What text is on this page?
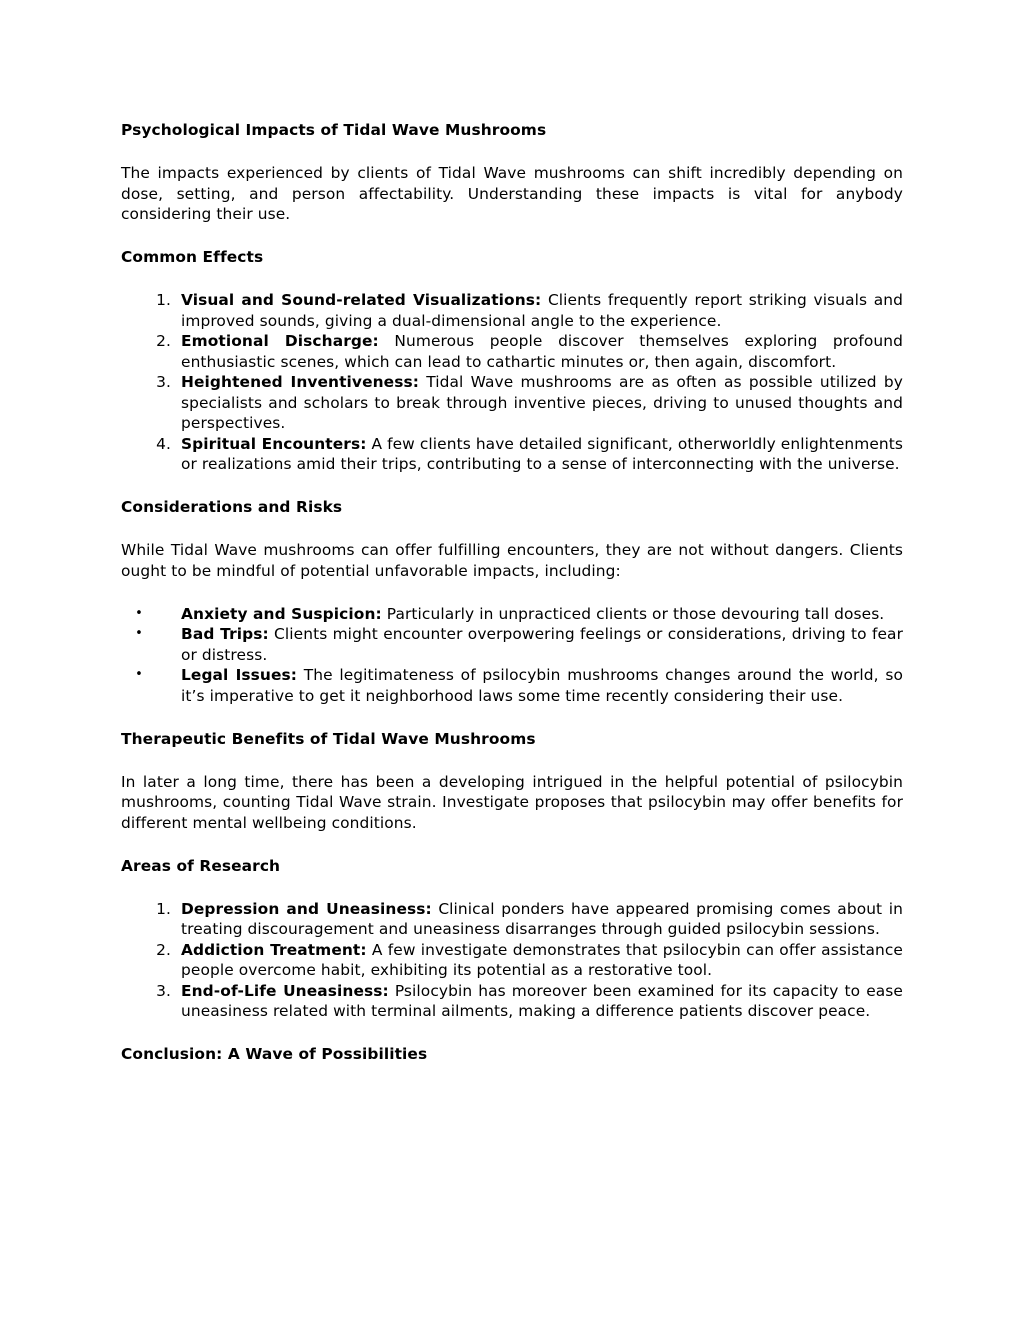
Psychological Impacts of Tidal Wave Mushrooms

The impacts experienced by clients of Tidal Wave mushrooms can shift incredibly depending on dose, setting, and person affectability. Understanding these impacts is vital for anybody considering their use.

Common Effects

1. Visual and Sound-related Visualizations: Clients frequently report striking visuals and improved sounds, giving a dual-dimensional angle to the experience.
2. Emotional Discharge: Numerous people discover themselves exploring profound enthusiastic scenes, which can lead to cathartic minutes or, then again, discomfort.
3. Heightened Inventiveness: Tidal Wave mushrooms are as often as possible utilized by specialists and scholars to break through inventive pieces, driving to unused thoughts and perspectives.
4. Spiritual Encounters: A few clients have detailed significant, otherworldly enlightenments or realizations amid their trips, contributing to a sense of interconnecting with the universe.

Considerations and Risks

While Tidal Wave mushrooms can offer fulfilling encounters, they are not without dangers. Clients ought to be mindful of potential unfavorable impacts, including:

•	Anxiety and Suspicion: Particularly in unpracticed clients or those devouring tall doses.
•	Bad Trips: Clients might encounter overpowering feelings or considerations, driving to fear or distress.
•	Legal Issues: The legitimateness of psilocybin mushrooms changes around the world, so it’s imperative to get it neighborhood laws some time recently considering their use.

Therapeutic Benefits of Tidal Wave Mushrooms

In later a long time, there has been a developing intrigued in the helpful potential of psilocybin mushrooms, counting Tidal Wave strain. Investigate proposes that psilocybin may offer benefits for different mental wellbeing conditions.

Areas of Research

1. Depression and Uneasiness: Clinical ponders have appeared promising comes about in treating discouragement and uneasiness disarranges through guided psilocybin sessions.
2. Addiction Treatment: A few investigate demonstrates that psilocybin can offer assistance people overcome habit, exhibiting its potential as a restorative tool.
3. End-of-Life Uneasiness: Psilocybin has moreover been examined for its capacity to ease uneasiness related with terminal ailments, making a difference patients discover peace.

Conclusion: A Wave of Possibilities
